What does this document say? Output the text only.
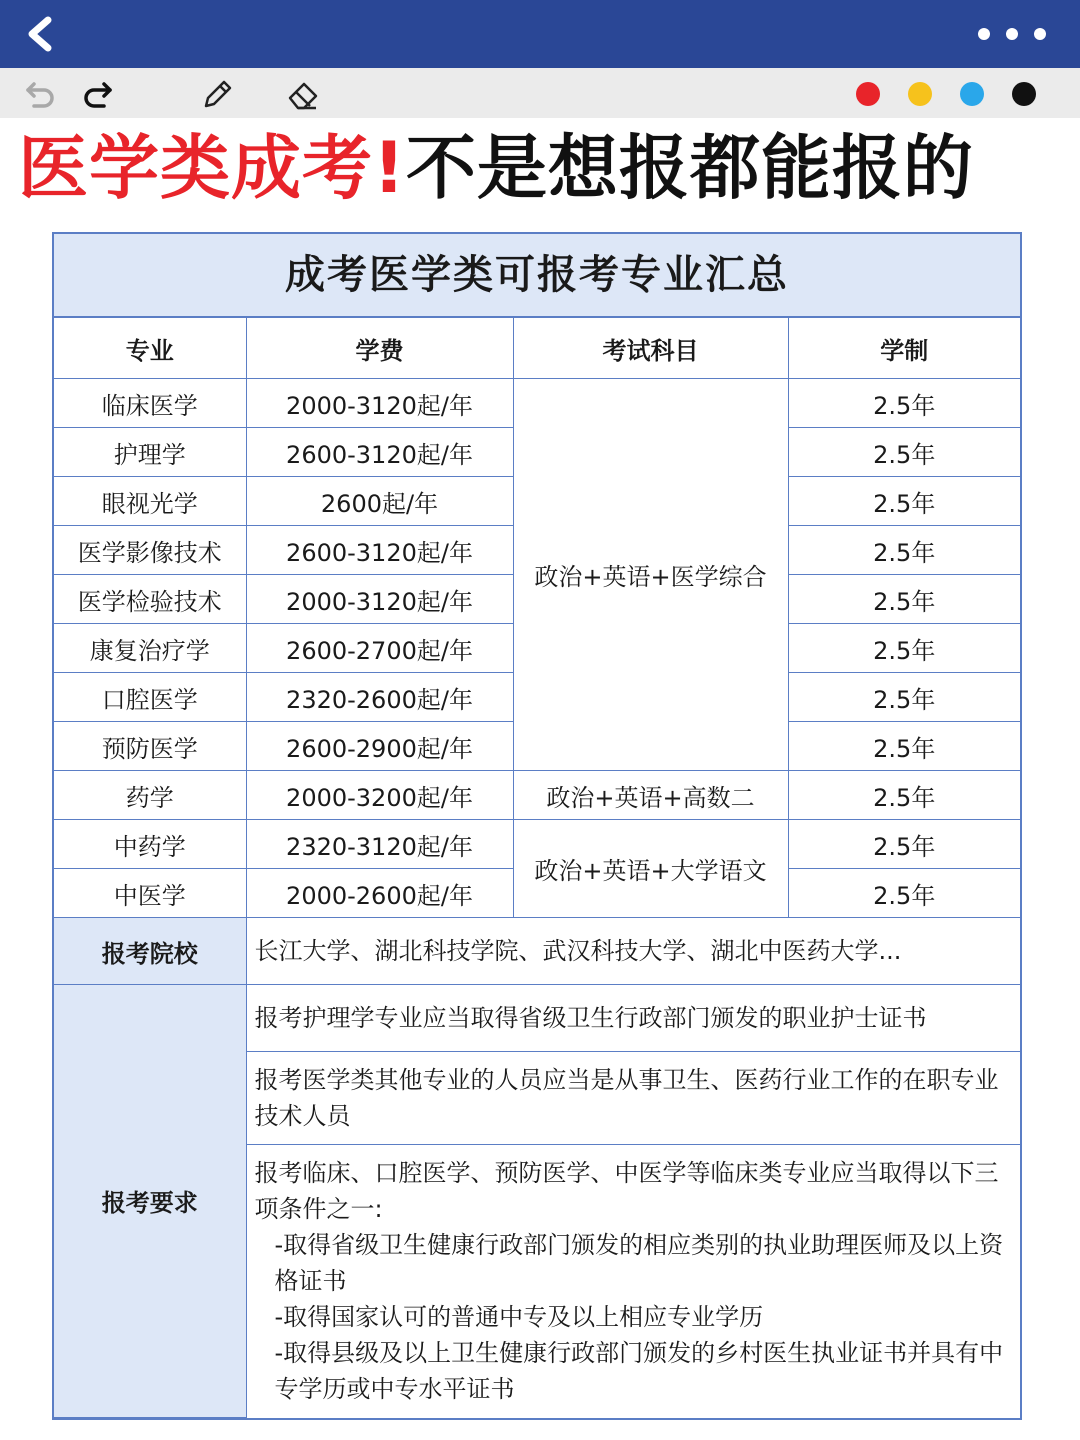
医学类成考!不是想报都能报的
成考医学类可报考专业汇总
专业	学费	考试科目	学制
临床医学	2000-3120起/年	政治+英语+医学综合	2.5年
护理学	2600-3120起/年		2.5年
眼视光学	2600起/年		2.5年
医学影像技术	2600-3120起/年		2.5年
医学检验技术	2000-3120起/年		2.5年
康复治疗学	2600-2700起/年		2.5年
口腔医学	2320-2600起/年		2.5年
预防医学	2600-2900起/年		2.5年
药学	2000-3200起/年	政治+英语+高数二	2.5年
中药学	2320-3120起/年	政治+英语+大学语文	2.5年
中医学	2000-2600起/年		2.5年
报考院校	长江大学、湖北科技学院、武汉科技大学、湖北中医药大学...		
报考要求	报考护理学专业应当取得省级卫生行政部门颁发的职业护士证书		
	报考医学类其他专业的人员应当是从事卫生、医药行业工作的在职专业技术人员		

	报考临床、口腔医学、预防医学、中医学等临床类专业应当取得以下三项条件之一:
-取得省级卫生健康行政部门颁发的相应类别的执业助理医师及以上资格证书
-取得国家认可的普通中专及以上相应专业学历
-取得县级及以上卫生健康行政部门颁发的乡村医生执业证书并具有中专学历或中专水平证书		
